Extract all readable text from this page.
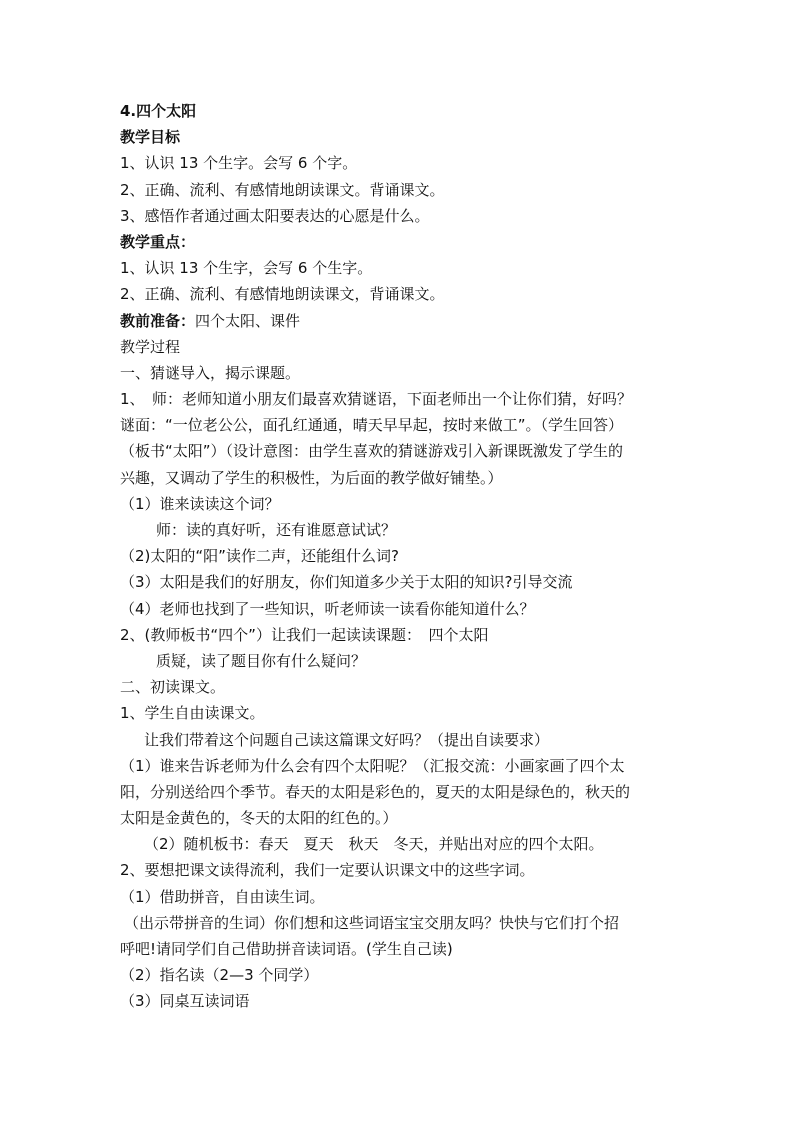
4.四个太阳
教学目标
1、认识 13 个生字。会写 6 个字。
2、正确、流利、有感情地朗读课文。背诵课文。
3、感悟作者通过画太阳要表达的心愿是什么。
教学重点：
1、认识 13 个生字，会写 6 个生字。
2、正确、流利、有感情地朗读课文，背诵课文。
教前准备：四个太阳、课件
教学过程
一、猜谜导入，揭示课题。
1、　师：老师知道小朋友们最喜欢猜谜语，下面老师出一个让你们猜，好吗？
谜面：“一位老公公，面孔红通通，晴天早早起，按时来做工”。（学生回答）
（板书“太阳”）（设计意图：由学生喜欢的猜谜游戏引入新课既激发了学生的
兴趣，又调动了学生的积极性，为后面的教学做好铺垫。）
（1）谁来读读这个词？
师：读的真好听，还有谁愿意试试？
（2)太阳的“阳”读作二声，还能组什么词?
（3）太阳是我们的好朋友，你们知道多少关于太阳的知识?引导交流
（4）老师也找到了一些知识，听老师读一读看你能知道什么？
2、(教师板书“四个”）让我们一起读读课题：　四个太阳
质疑，读了题目你有什么疑问？
二、初读课文。
1、学生自由读课文。
让我们带着这个问题自己读这篇课文好吗？（提出自读要求）
（1）谁来告诉老师为什么会有四个太阳呢？（汇报交流：小画家画了四个太
阳，分别送给四个季节。春天的太阳是彩色的，夏天的太阳是绿色的，秋天的
太阳是金黄色的，冬天的太阳的红色的。）
（2）随机板书：春天　夏天　秋天　冬天，并贴出对应的四个太阳。
2、要想把课文读得流利，我们一定要认识课文中的这些字词。
（1）借助拼音，自由读生词。
（出示带拼音的生词）你们想和这些词语宝宝交朋友吗？快快与它们打个招
呼吧!请同学们自己借助拼音读词语。(学生自己读)
（2）指名读（2—3 个同学）
（3）同桌互读词语
